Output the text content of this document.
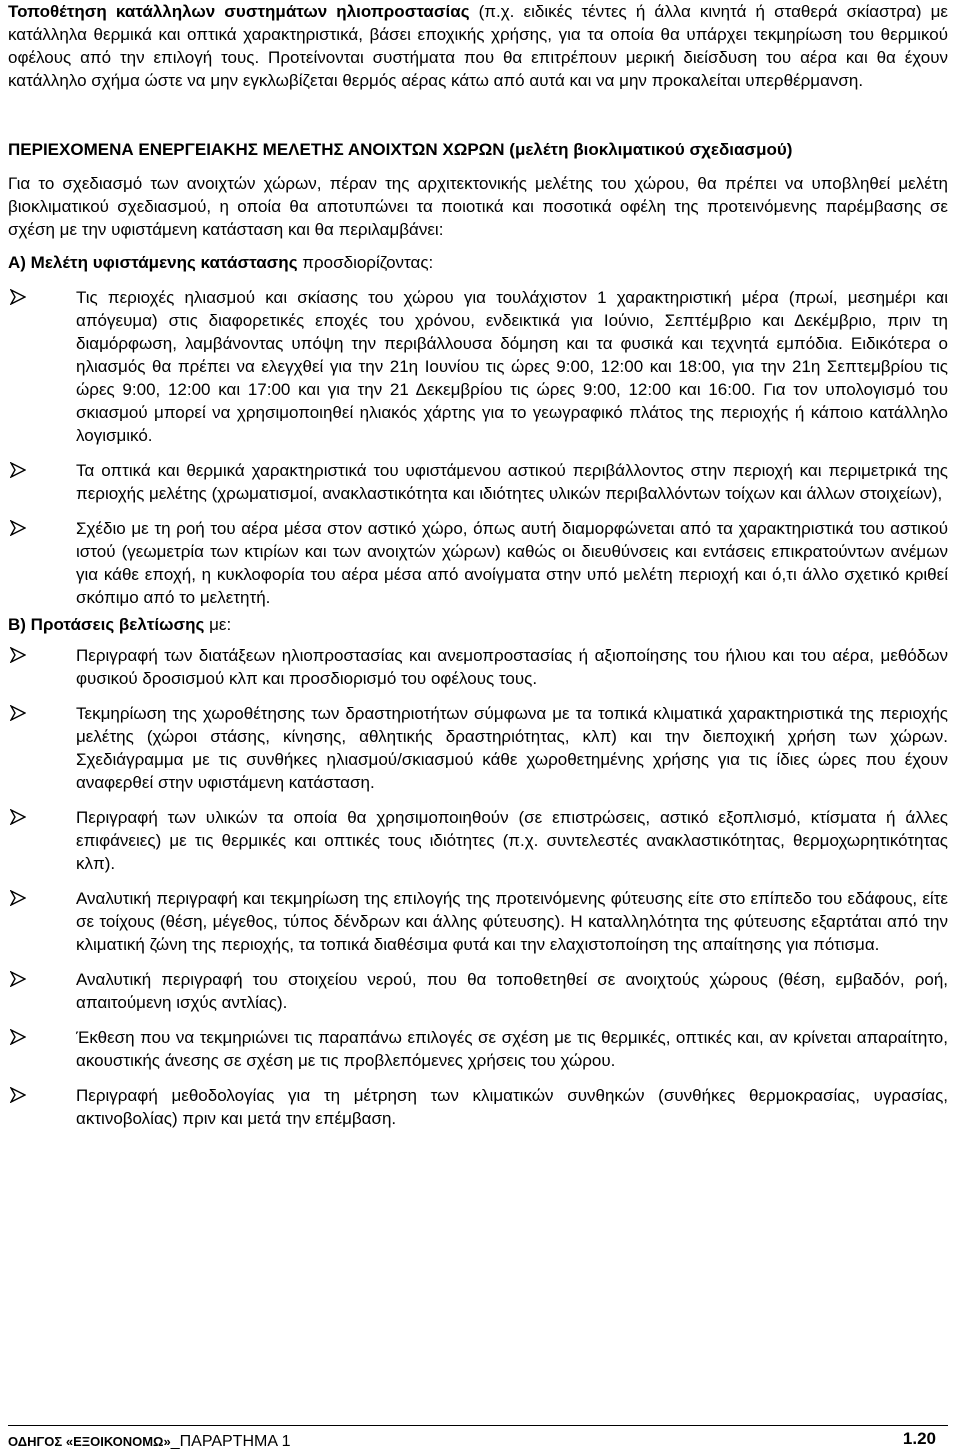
Τοποθέτηση κατάλληλων συστημάτων ηλιοπροστασίας (π.χ. ειδικές τέντες ή άλλα κινητά ή σταθερά σκίαστρα) με κατάλληλα θερμικά και οπτικά χαρακτηριστικά, βάσει εποχικής χρήσης, για τα οποία θα υπάρχει τεκμηρίωση του θερμικού οφέλους από την επιλογή τους. Προτείνονται συστήματα που θα επιτρέπουν μερική διείσδυση του αέρα και θα έχουν κατάλληλο σχήμα ώστε να μην εγκλωβίζεται θερμός αέρας κάτω από αυτά και να μην προκαλείται υπερθέρμανση.

ΠΕΡΙΕΧΟΜΕΝΑ ΕΝΕΡΓΕΙΑΚΗΣ ΜΕΛΕΤΗΣ ΑΝΟΙΧΤΩΝ ΧΩΡΩΝ (μελέτη βιοκλιματικού σχεδιασμού)

Για το σχεδιασμό των ανοιχτών χώρων, πέραν της αρχιτεκτονικής μελέτης του χώρου, θα πρέπει να υποβληθεί μελέτη βιοκλιματικού σχεδιασμού, η οποία θα αποτυπώνει τα ποιοτικά και ποσοτικά οφέλη της προτεινόμενης παρέμβασης σε σχέση με την υφιστάμενη κατάσταση και θα περιλαμβάνει:

Α) Μελέτη υφιστάμενης κατάστασης προσδιορίζοντας:

Τις περιοχές ηλιασμού και σκίασης του χώρου για τουλάχιστον 1 χαρακτηριστική μέρα (πρωί, μεσημέρι και απόγευμα) στις διαφορετικές εποχές του χρόνου, ενδεικτικά για Ιούνιο, Σεπτέμβριο και Δεκέμβριο, πριν τη διαμόρφωση, λαμβάνοντας υπόψη την περιβάλλουσα δόμηση και τα φυσικά και τεχνητά εμπόδια. Ειδικότερα ο ηλιασμός θα πρέπει να ελεγχθεί για την 21η Ιουνίου τις ώρες 9:00, 12:00 και 18:00, για την 21η Σεπτεμβρίου τις ώρες 9:00, 12:00 και 17:00 και για την 21 Δεκεμβρίου τις ώρες 9:00, 12:00 και 16:00. Για τον υπολογισμό του σκιασμού μπορεί να χρησιμοποιηθεί ηλιακός χάρτης για το γεωγραφικό πλάτος της περιοχής ή κάποιο κατάλληλο λογισμικό.

Τα οπτικά και θερμικά χαρακτηριστικά του υφιστάμενου αστικού περιβάλλοντος στην περιοχή και περιμετρικά της περιοχής μελέτης (χρωματισμοί, ανακλαστικότητα και ιδιότητες υλικών περιβαλλόντων τοίχων και άλλων στοιχείων),

Σχέδιο με τη ροή του αέρα μέσα στον αστικό χώρο, όπως αυτή διαμορφώνεται από τα χαρακτηριστικά του αστικού ιστού (γεωμετρία των κτιρίων και των ανοιχτών χώρων) καθώς οι διευθύνσεις και εντάσεις επικρατούντων ανέμων για κάθε εποχή, η κυκλοφορία του αέρα μέσα από ανοίγματα στην υπό μελέτη περιοχή και ό,τι άλλο σχετικό κριθεί σκόπιμο από το μελετητή.

Β) Προτάσεις βελτίωσης με:

Περιγραφή των διατάξεων ηλιοπροστασίας και ανεμοπροστασίας ή αξιοποίησης του ήλιου και του αέρα, μεθόδων φυσικού δροσισμού κλπ και προσδιορισμό του οφέλους τους.

Τεκμηρίωση της χωροθέτησης των δραστηριοτήτων σύμφωνα με τα τοπικά κλιματικά χαρακτηριστικά της περιοχής μελέτης (χώροι στάσης, κίνησης, αθλητικής δραστηριότητας, κλπ) και την διεποχική χρήση των χώρων. Σχεδιάγραμμα με τις συνθήκες ηλιασμού/σκιασμού κάθε χωροθετημένης χρήσης για τις ίδιες ώρες που έχουν αναφερθεί στην υφιστάμενη κατάσταση.

Περιγραφή των υλικών τα οποία θα χρησιμοποιηθούν (σε επιστρώσεις, αστικό εξοπλισμό, κτίσματα ή άλλες επιφάνειες) με τις θερμικές και οπτικές τους ιδιότητες (π.χ. συντελεστές ανακλαστικότητας, θερμοχωρητικότητας κλπ).

Αναλυτική περιγραφή και τεκμηρίωση της επιλογής της προτεινόμενης φύτευσης είτε στο επίπεδο του εδάφους, είτε σε τοίχους (θέση, μέγεθος, τύπος δένδρων και άλλης φύτευσης). Η καταλληλότητα της φύτευσης εξαρτάται από την κλιματική ζώνη της περιοχής, τα τοπικά διαθέσιμα φυτά και την ελαχιστοποίηση της απαίτησης για πότισμα.

Αναλυτική περιγραφή του στοιχείου νερού, που θα τοποθετηθεί σε ανοιχτούς χώρους (θέση, εμβαδόν, ροή, απαιτούμενη ισχύς αντλίας).

Έκθεση που να τεκμηριώνει τις παραπάνω επιλογές σε σχέση με τις θερμικές, οπτικές και, αν κρίνεται απαραίτητο, ακουστικής άνεσης σε σχέση με τις προβλεπόμενες χρήσεις του χώρου.

Περιγραφή μεθοδολογίας για τη μέτρηση των κλιματικών συνθηκών (συνθήκες θερμοκρασίας, υγρασίας, ακτινοβολίας) πριν και μετά την επέμβαση.

ΟΔΗΓΟΣ «ΕΞΟΙΚΟΝΟΜΩ»_ΠΑΡΑΡΤΗΜΑ 1	1.20
